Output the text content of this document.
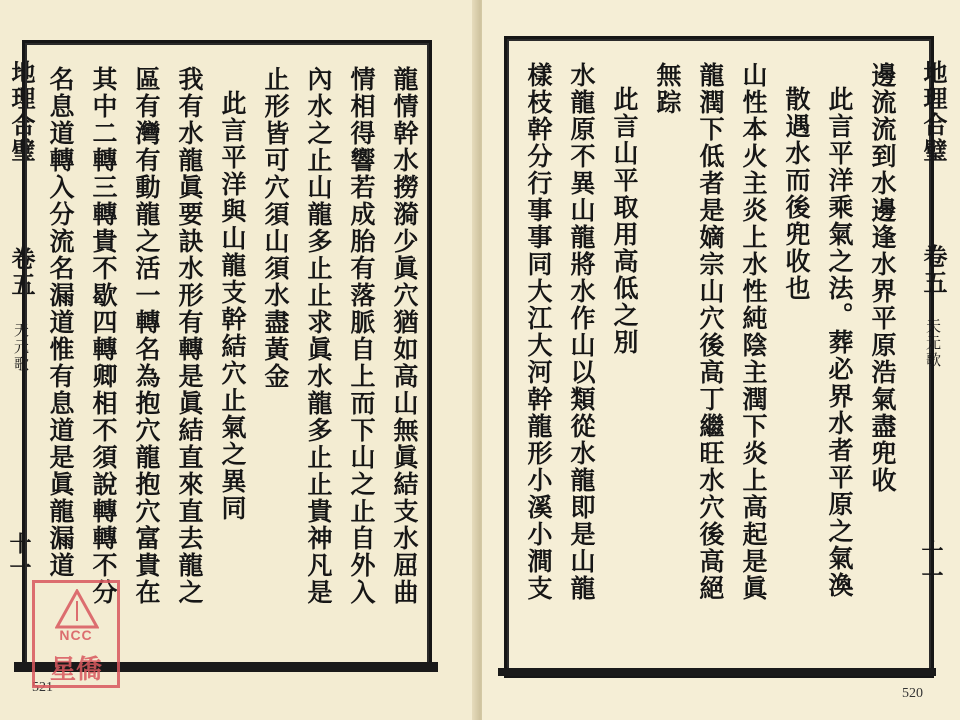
地理合璧
卷五
天元歌
十一	龍情幹水撈漪少眞穴猶如高山無眞結支水屈曲
情相得響若成胎有落脈自上而下山之止自外入
內水之止山龍多止止求眞水龍多止止貴神凡是
止形皆可穴須山須水盡黃金
此言平洋與山龍支幹結穴止氣之異同
我有水龍眞要訣水形有轉是眞結直來直去龍之
區有灣有動龍之活一轉名為抱穴龍抱穴富貴在
其中二轉三轉貴不歇四轉卿相不須說轉轉不分
名息道轉入分流名漏道惟有息道是眞龍漏道
521
NCC
星僑
邊流流到水邊逢水界平原浩氣盡兜收
此言平洋乘氣之法。葬必界水者平原之氣渙
散遇水而後兜收也
山性本火主炎上水性純陰主潤下炎上高起是眞
龍潤下低者是嫡宗山穴後高丁繼旺水穴後高絕
無踪
此言山平取用高低之別
水龍原不異山龍將水作山以類從水龍即是山龍
樣枝幹分行事事同大江大河幹龍形小溪小澗支	地理合璧
卷五
天元歌
十一
520
